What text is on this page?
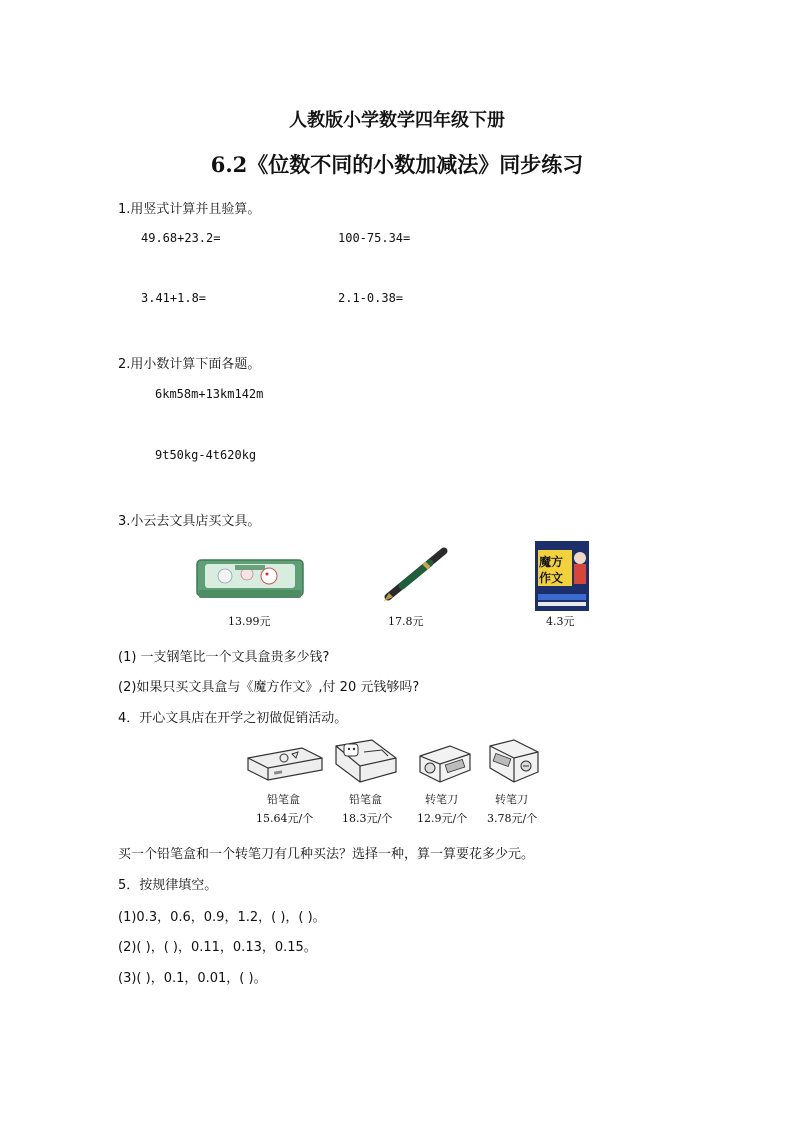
人教版小学数学四年级下册
6.2《位数不同的小数加减法》同步练习
1.用竖式计算并且验算。
49.68+23.2=	100-75.34=
3.41+1.8=	2.1-0.38=
2.用小数计算下面各题。
6km58m+13km142m
9t50kg-4t620kg
3.小云去文具店买文具。
13.99元	17.8元
魔方
作文
4.3元
(1) 一支钢笔比一个文具盒贵多少钱?
(2)如果只买文具盒与《魔方作文》,付 20 元钱够吗?
4．开心文具店在开学之初做促销活动。
铅笔盒
15.64元/个
铅笔盒
18.3元/个
转笔刀
12.9元/个
转笔刀
3.78元/个
买一个铅笔盒和一个转笔刀有几种买法？选择一种，算一算要花多少元。
5．按规律填空。
(1)0.3，0.6，0.9，1.2，( )，( )。
(2)( )，( )，0.11，0.13，0.15。
(3)( )，0.1，0.01，( )。
